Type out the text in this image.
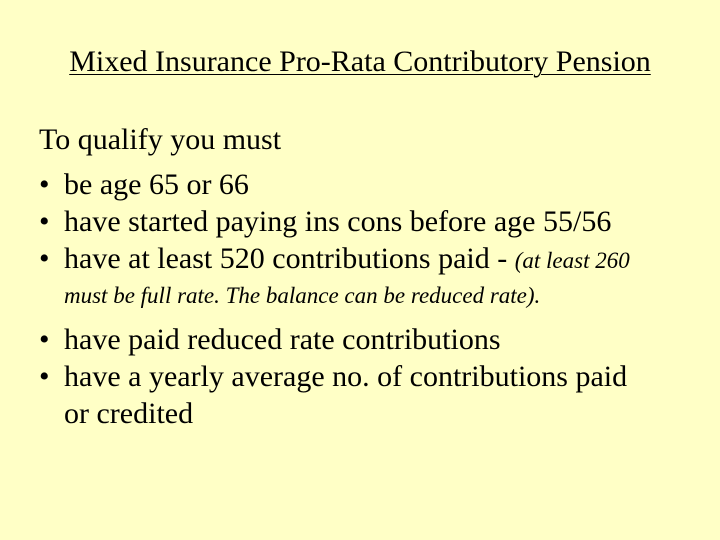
Mixed Insurance Pro-Rata Contributory Pension
To qualify you must
• be age 65 or 66
• have started paying ins cons before age 55/56
• have at least 520 contributions paid - (at least 260
must be full rate. The balance can be reduced rate).
• have paid reduced rate contributions
• have a yearly average no. of contributions paid
or credited
